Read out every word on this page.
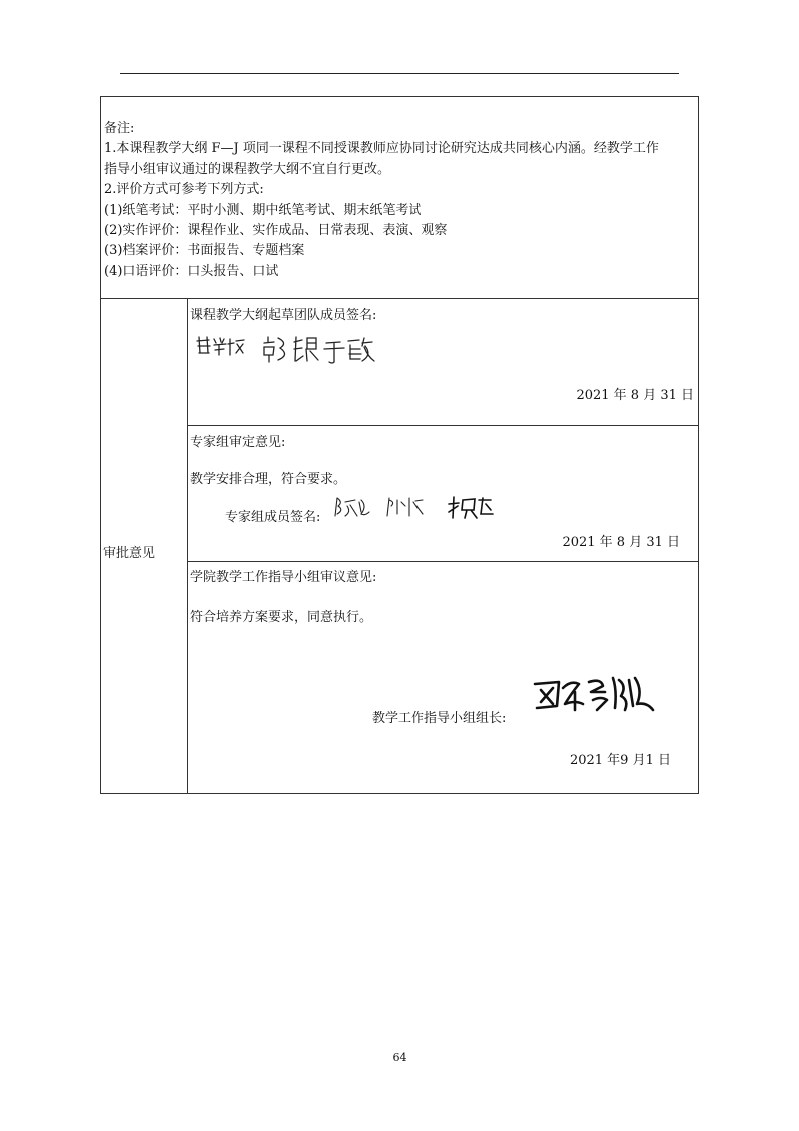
备注:
1.本课程教学大纲 F—J 项同一课程不同授课教师应协同讨论研究达成共同核心内涵。经教学工作
指导小组审议通过的课程教学大纲不宜自行更改。
2.评价方式可参考下列方式:
(1)纸笔考试：平时小测、期中纸笔考试、期末纸笔考试
(2)实作评价：课程作业、实作成品、日常表现、表演、观察
(3)档案评价：书面报告、专题档案
(4)口语评价：口头报告、口试
审批意见
课程教学大纲起草团队成员签名:
2021 年 8 月 31 日
专家组审定意见:
教学安排合理，符合要求。
专家组成员签名:
2021 年 8 月 31 日
学院教学工作指导小组审议意见:
符合培养方案要求，同意执行。
教学工作指导小组组长:
2021 年9 月1 日
64
